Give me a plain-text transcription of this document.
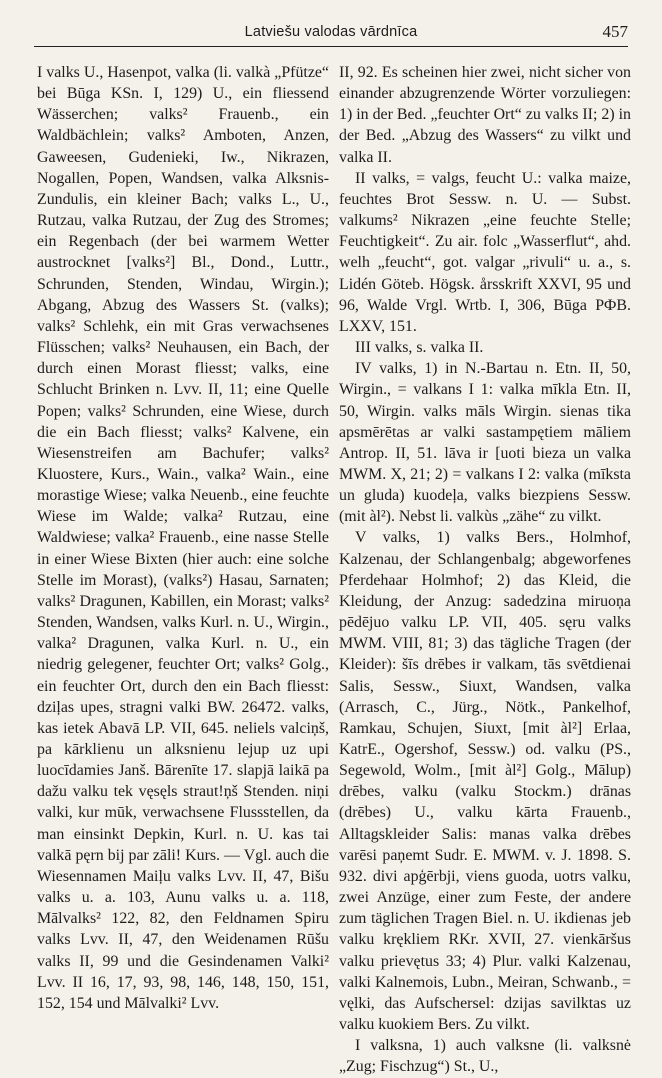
Latviešu valodas vārdnīca	457

I valks U., Hasenpot, valka (li. valkà „Pfütze“ bei Būga KSn. I, 129) U., ein fliessend Wässerchen; valks² Frauenb., ein Waldbächlein; valks² Amboten, Anzen, Gaweesen, Gudenieki, Iw., Nikrazen, Nogallen, Popen, Wandsen, valka Alksnis-Zundulis, ein kleiner Bach; valks L., U., Rutzau, valka Rutzau, der Zug des Stromes; ein Regenbach (der bei warmem Wetter austrocknet [valks²] Bl., Dond., Luttr., Schrunden, Stenden, Windau, Wirgin.); Abgang, Abzug des Wassers St. (valks); valks² Schlehk, ein mit Gras verwachsenes Flüsschen; valks² Neuhausen, ein Bach, der durch einen Morast fliesst; valks, eine Schlucht Brinken n. Lvv. II, 11; eine Quelle Popen; valks² Schrunden, eine Wiese, durch die ein Bach fliesst; valks² Kalvene, ein Wiesenstreifen am Bachufer; valks² Kluostere, Kurs., Wain., valka² Wain., eine morastige Wiese; valka Neuenb., eine feuchte Wiese im Walde; valka² Rutzau, eine Waldwiese; valka² Frauenb., eine nasse Stelle in einer Wiese Bixten (hier auch: eine solche Stelle im Morast), (valks²) Hasau, Sarnaten; valks² Dragunen, Kabillen, ein Morast; valks² Stenden, Wandsen, valks Kurl. n. U., Wirgin., valka² Dragunen, valka Kurl. n. U., ein niedrig gelegener, feuchter Ort; valks² Golg., ein feuchter Ort, durch den ein Bach fliesst: dziļas upes, stragni valki BW. 26472. valks, kas ietek Abavā LP. VII, 645. neliels valciņš, pa kārklienu un alksnienu lejup uz upi luocīdamies Janš. Bārenīte 17. slapjā laikā pa dažu valku tek vęsęls straut!ņš Stenden. niņi valki, kur mūk, verwachsene Flussstellen, da man einsinkt Depkin, Kurl. n. U. kas tai valkā pęrn bij par zāli! Kurs. — Vgl. auch die Wiesennamen Maiļu valks Lvv. II, 47, Bišu valks u. a. 103, Aunu valks u. a. 118, Mālvalks² 122, 82, den Feldnamen Spiru valks Lvv. II, 47, den Weidenamen Rūšu valks II, 99 und die Gesindenamen Valki² Lvv. II 16, 17, 93, 98, 146, 148, 150, 151, 152, 154 und Mālvalki² Lvv.

II, 92. Es scheinen hier zwei, nicht sicher von einander abzugrenzende Wörter vorzuliegen: 1) in der Bed. „feuchter Ort“ zu valks II; 2) in der Bed. „Abzug des Wassers“ zu vilkt und valka II.

II valks, = valgs, feucht U.: valka maize, feuchtes Brot Sessw. n. U. — Subst. valkums² Nikrazen „eine feuchte Stelle; Feuchtigkeit“. Zu air. folc „Wasserflut“, ahd. welh „feucht“, got. valgar „rivuli“ u. a., s. Lidén Göteb. Högsk. årsskrift XXVI, 95 und 96, Walde Vrgl. Wrtb. I, 306, Būga РФВ. LXXV, 151.

III valks, s. valka II.

IV valks, 1) in N.-Bartau n. Etn. II, 50, Wirgin., = valkans I 1: valka mīkla Etn. II, 50, Wirgin. valks māls Wirgin. sienas tika apsmērētas ar valki sastampętiem māliem Antrop. II, 51. lāva ir [uoti bieza un valka MWM. X, 21; 2) = valkans I 2: valka (mīksta un gluda) kuodeļa, valks biezpiens Sessw. (mit àl²). Nebst li. valkùs „zähe“ zu vilkt.

V valks, 1) valks Bers., Holmhof, Kalzenau, der Schlangenbalg; abgeworfenes Pferdehaar Holmhof; 2) das Kleid, die Kleidung, der Anzug: sadedzina miruoņa pēdējuo valku LP. VII, 405. sęru valks MWM. VIII, 81; 3) das tägliche Tragen (der Kleider): šīs drēbes ir valkam, tās svētdienai Salis, Sessw., Siuxt, Wandsen, valka (Arrasch, C., Jürg., Nötk., Pankelhof, Ramkau, Schujen, Siuxt, [mit àl²] Erlaa, KatrE., Ogershof, Sessw.) od. valku (PS., Segewold, Wolm., [mit àl²] Golg., Mālup) drēbes, valku (valku Stockm.) drānas (drēbes) U., valku kārta Frauenb., Alltagskleider Salis: manas valka drēbes varēsi paņemt Sudr. E. MWM. v. J. 1898. S. 932. divi apģērbji, viens guoda, uotrs valku, zwei Anzüge, einer zum Feste, der andere zum täglichen Tragen Biel. n. U. ikdienas jeb valku krękliem RKr. XVII, 27. vienkāršus valku prievętus 33; 4) Plur. valki Kalzenau, valki Kalnemois, Lubn., Meiran, Schwanb., = vęlki, das Aufschersel: dzijas savilktas uz valku kuokiem Bers. Zu vilkt.

I valksna, 1) auch valksne (li. valksnė „Zug; Fischzug“) St., U.,
